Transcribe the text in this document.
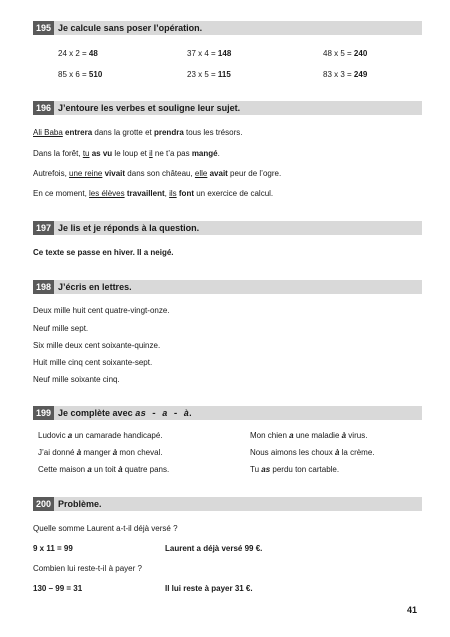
195 Je calcule sans poser l’opération.
24 x 2 = 48	37 x 4 = 148	48 x 5 = 240
85 x 6 = 510	23 x 5 = 115	83 x 3 = 249
196 J’entoure les verbes et souligne leur sujet.
Ali Baba entrera dans la grotte et prendra tous les trésors.
Dans la forêt, tu as vu le loup et il ne t’a pas mangé.
Autrefois, une reine vivait dans son château, elle avait peur de l’ogre.
En ce moment, les élèves travaillent, ils font un exercice de calcul.
197 Je lis et je réponds à la question.
Ce texte se passe en hiver. Il a neigé.
198 J’écris en lettres.
Deux mille huit cent quatre-vingt-onze.
Neuf mille sept.
Six mille deux cent soixante-quinze.
Huit mille cinq cent soixante-sept.
Neuf mille soixante cinq.
199 Je complète avec as - a - à.
Ludovic a un camarade handicapé.
J’ai donné à manger à mon cheval.
Cette maison a un toit à quatre pans.
Mon chien a une maladie à virus.
Nous aimons les choux à la crème.
Tu as perdu ton cartable.
200 Problème.
Quelle somme Laurent a-t-il déjà versé ?
9 x 11 = 99	Laurent a déjà versé 99 €.
Combien lui reste-t-il à payer ?
130 – 99 = 31	Il lui reste à payer 31 €.
41
